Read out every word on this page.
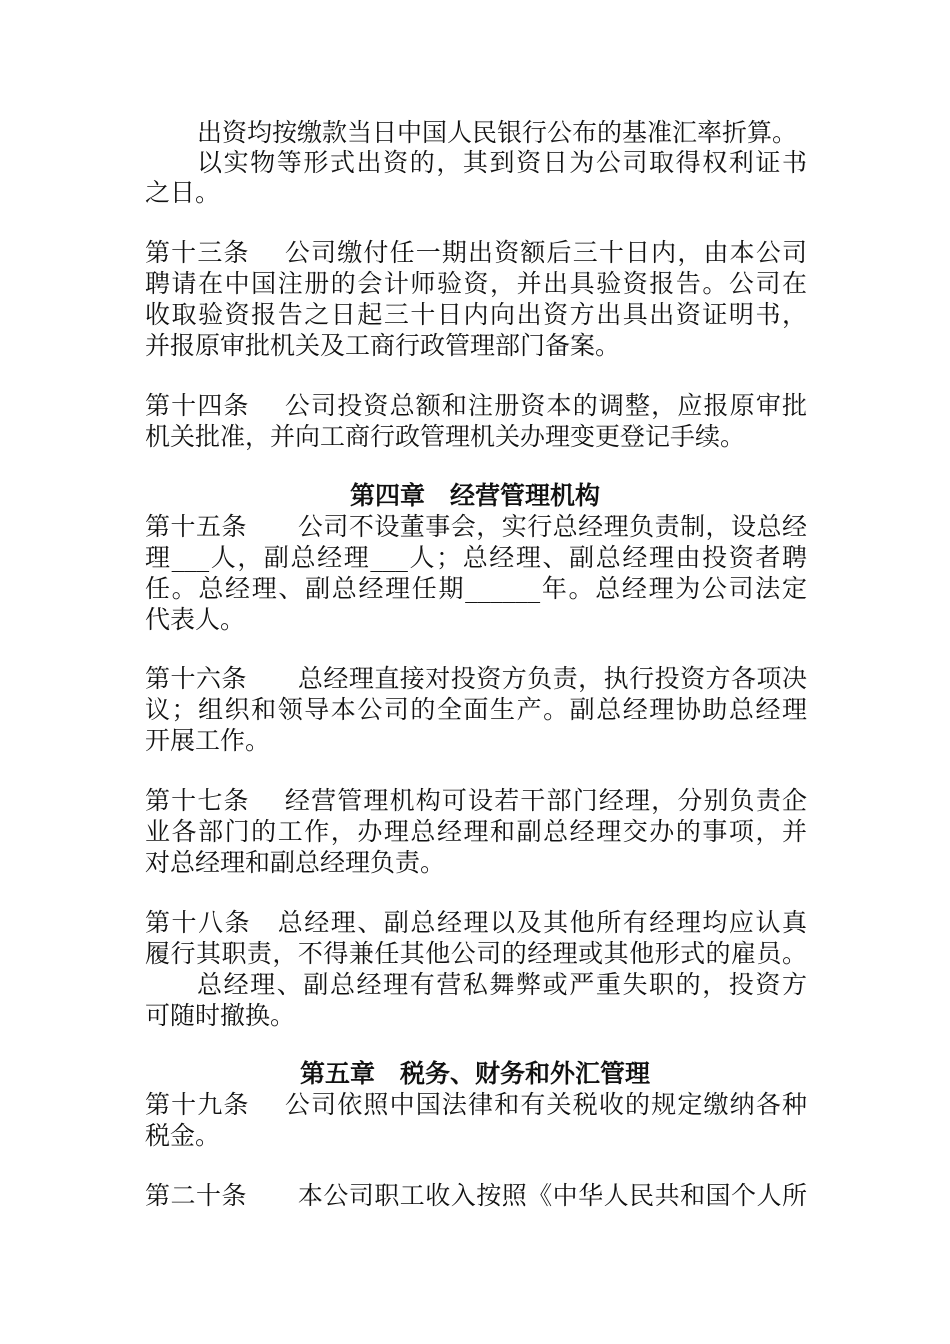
出资均按缴款当日中国人民银行公布的基准汇率折算。
以实物等形式出资的，其到资日为公司取得权利证书
之日。
第十三条　 公司缴付任一期出资额后三十日内，由本公司
聘请在中国注册的会计师验资，并出具验资报告。公司在
收取验资报告之日起三十日内向出资方出具出资证明书，
并报原审批机关及工商行政管理部门备案。
第十四条　 公司投资总额和注册资本的调整，应报原审批
机关批准，并向工商行政管理机关办理变更登记手续。
第四章　经营管理机构
第十五条　　公司不设董事会，实行总经理负责制，设总经
理___人，副总经理___人；总经理、副总经理由投资者聘
任。总经理、副总经理任期______年。总经理为公司法定
代表人。
第十六条　　总经理直接对投资方负责，执行投资方各项决
议；组织和领导本公司的全面生产。副总经理协助总经理
开展工作。
第十七条　 经营管理机构可设若干部门经理，分别负责企
业各部门的工作，办理总经理和副总经理交办的事项，并
对总经理和副总经理负责。
第十八条　总经理、副总经理以及其他所有经理均应认真
履行其职责，不得兼任其他公司的经理或其他形式的雇员。
总经理、副总经理有营私舞弊或严重失职的，投资方
可随时撤换。
第五章　税务、财务和外汇管理
第十九条　 公司依照中国法律和有关税收的规定缴纳各种
税金。
第二十条　　本公司职工收入按照《中华人民共和国个人所
